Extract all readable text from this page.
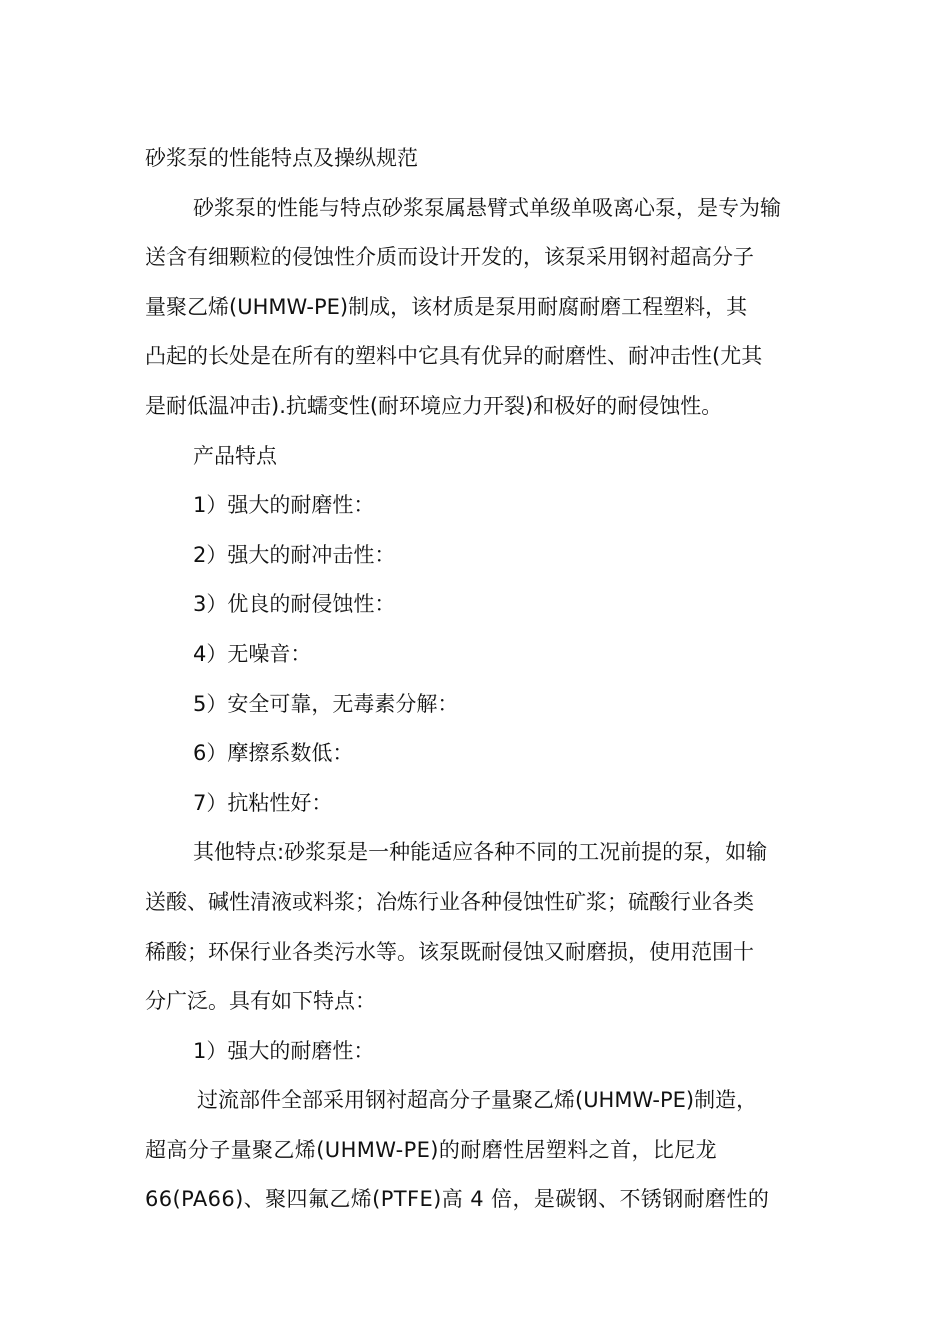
砂浆泵的性能特点及操纵规范

砂浆泵的性能与特点砂浆泵属悬臂式单级单吸离心泵，是专为输

送含有细颗粒的侵蚀性介质而设计开发的，该泵采用钢衬超高分子

量聚乙烯(UHMW-PE)制成，该材质是泵用耐腐耐磨工程塑料，其

凸起的长处是在所有的塑料中它具有优异的耐磨性、耐冲击性(尤其

是耐低温冲击).抗蠕变性(耐环境应力开裂)和极好的耐侵蚀性。

产品特点

1）强大的耐磨性：

2）强大的耐冲击性：

3）优良的耐侵蚀性：

4）无噪音：

5）安全可靠，无毒素分解：

6）摩擦系数低：

7）抗粘性好：

其他特点:砂浆泵是一种能适应各种不同的工况前提的泵，如输

送酸、碱性清液或料浆；冶炼行业各种侵蚀性矿浆；硫酸行业各类

稀酸；环保行业各类污水等。该泵既耐侵蚀又耐磨损，使用范围十

分广泛。具有如下特点：

1）强大的耐磨性：

过流部件全部采用钢衬超高分子量聚乙烯(UHMW-PE)制造，

超高分子量聚乙烯(UHMW-PE)的耐磨性居塑料之首，比尼龙

66(PA66)、聚四氟乙烯(PTFE)高 4 倍，是碳钢、不锈钢耐磨性的
